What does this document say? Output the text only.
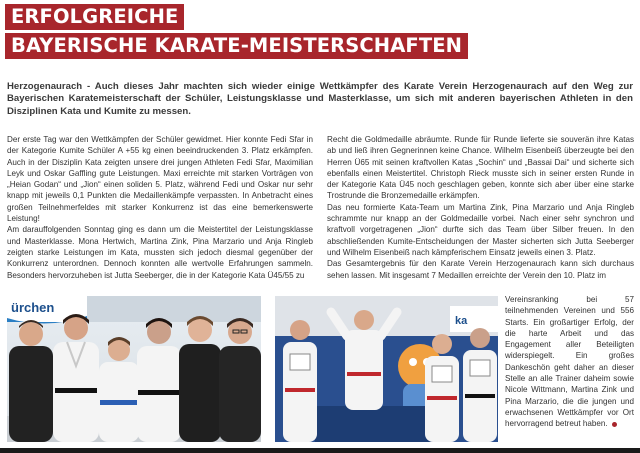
ERFOLGREICHE
BAYERISCHE KARATE-MEISTERSCHAFTEN

Herzogenaurach - Auch dieses Jahr machten sich wieder einige Wettkämpfer des Karate Verein Herzogenaurach auf den Weg zur Bayerischen Karatemeisterschaft der Schüler, Leistungsklasse und Masterklasse, um sich mit anderen bayerischen Athleten in den Disziplinen Kata und Kumite zu messen.

Der erste Tag war den Wettkämpfen der Schüler gewidmet. Hier konnte Fedi Sfar in der Kategorie Kumite Schüler A +55 kg einen beeindruckenden 3. Platz erkämpfen. Auch in der Disziplin Kata zeigten unsere drei jungen Athleten Fedi Sfar, Maximilian Leyk und Oskar Gaffling gute Leistungen. Maxi erreichte mit starken Vorträgen von „Heian Godan“ und „Jion“ einen soliden 5. Platz, während Fedi und Oskar nur sehr knapp mit jeweils 0,1 Punkten die Medaillenkämpfe verpassten. In Anbetracht eines großen Teilnehmerfeldes mit starker Konkurrenz ist das eine bemerkenswerte Leistung!

Am darauffolgenden Sonntag ging es dann um die Meistertitel der Leistungsklasse und Masterklasse. Mona Hertwich, Martina Zink, Pina Marzario und Anja Ringleb zeigten starke Leistungen im Kata, mussten sich jedoch diesmal gegenüber der Konkurrenz unterordnen. Dennoch konnten alle wertvolle Erfahrungen sammeln. Besonders hervorzuheben ist Jutta Seeberger, die in der Kategorie Kata Ü45/55 zu

Recht die Goldmedaille abräumte. Runde für Runde lieferte sie souverän ihre Katas ab und ließ ihren Gegnerinnen keine Chance. Wilhelm Eisenbeiß überzeugte bei den Herren Ü65 mit seinen kraftvollen Katas „Sochin“ und „Bassai Dai“ und sicherte sich ebenfalls einen Meistertitel. Christoph Rieck musste sich in seiner ersten Runde in der Kategorie Kata Ü45 noch geschlagen geben, konnte sich aber über eine starke Trostrunde die Bronzemedaille erkämpfen.

Das neu formierte Kata-Team um Martina Zink, Pina Marzario und Anja Ringleb schrammte nur knapp an der Goldmedaille vorbei. Nach einer sehr synchron und kraftvoll vorgetragenen „Jion“ durfte sich das Team über Silber freuen. In den abschließenden Kumite-Entscheidungen der Master sicherten sich Jutta Seeberger und Wilhelm Eisenbeiß nach kämpferischem Einsatz jeweils einen 3. Platz.

Das Gesamtergebnis für den Karate Verein Herzogenaurach kann sich durchaus sehen lassen. Mit insgesamt 7 Medaillen erreichte der Verein den 10. Platz im

Vereinsranking bei 57 teilnehmenden Vereinen und 556 Starts. Ein großartiger Erfolg, der die harte Arbeit und das Engagement aller Beteiligten widerspiegelt. Ein großes Dankeschön geht daher an dieser Stelle an alle Trainer daheim sowie Nicole Wittmann, Martina Zink und Pina Marzario, die die jungen und erwachsenen Wettkämpfer vor Ort hervorragend betreut haben.

ürchen
ka
